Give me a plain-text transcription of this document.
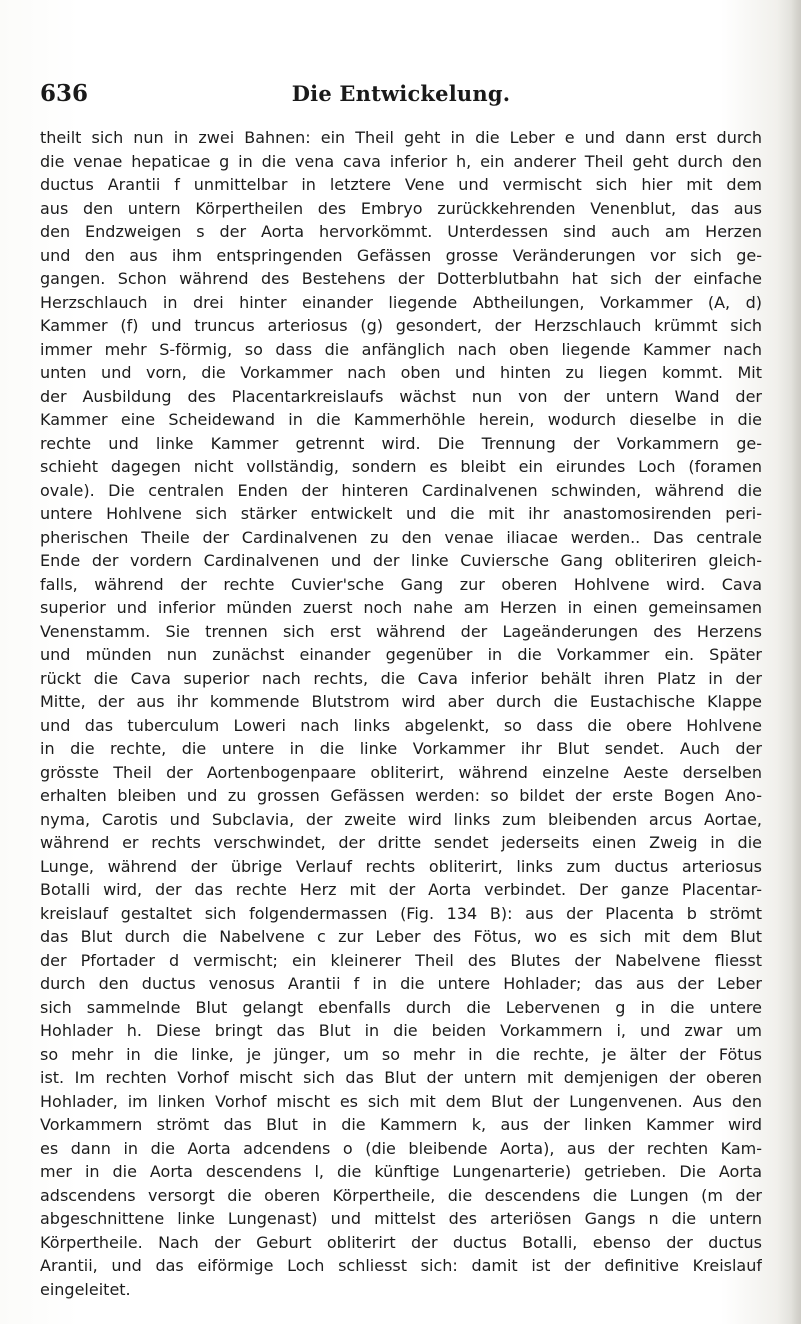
636	Die Entwickelung.
theilt sich nun in zwei Bahnen: ein Theil geht in die Leber e und dann erst durch
die venae hepaticae g in die vena cava inferior h, ein anderer Theil geht durch den
ductus Arantii f unmittelbar in letztere Vene und vermischt sich hier mit dem
aus den untern Körpertheilen des Embryo zurückkehrenden Venenblut, das aus
den Endzweigen s der Aorta hervorkömmt. Unterdessen sind auch am Herzen
und den aus ihm entspringenden Gefässen grosse Veränderungen vor sich ge-
gangen. Schon während des Bestehens der Dotterblutbahn hat sich der einfache
Herzschlauch in drei hinter einander liegende Abtheilungen, Vorkammer (A, d)
Kammer (f) und truncus arteriosus (g) gesondert, der Herzschlauch krümmt sich
immer mehr S-förmig, so dass die anfänglich nach oben liegende Kammer nach
unten und vorn, die Vorkammer nach oben und hinten zu liegen kommt. Mit
der Ausbildung des Placentarkreislaufs wächst nun von der untern Wand der
Kammer eine Scheidewand in die Kammerhöhle herein, wodurch dieselbe in die
rechte und linke Kammer getrennt wird. Die Trennung der Vorkammern ge-
schieht dagegen nicht vollständig, sondern es bleibt ein eirundes Loch (foramen
ovale). Die centralen Enden der hinteren Cardinalvenen schwinden, während die
untere Hohlvene sich stärker entwickelt und die mit ihr anastomosirenden peri-
pherischen Theile der Cardinalvenen zu den venae iliacae werden.. Das centrale
Ende der vordern Cardinalvenen und der linke Cuviersche Gang obliteriren gleich-
falls, während der rechte Cuvier'sche Gang zur oberen Hohlvene wird. Cava
superior und inferior münden zuerst noch nahe am Herzen in einen gemeinsamen
Venenstamm. Sie trennen sich erst während der Lageänderungen des Herzens
und münden nun zunächst einander gegenüber in die Vorkammer ein. Später
rückt die Cava superior nach rechts, die Cava inferior behält ihren Platz in der
Mitte, der aus ihr kommende Blutstrom wird aber durch die Eustachische Klappe
und das tuberculum Loweri nach links abgelenkt, so dass die obere Hohlvene
in die rechte, die untere in die linke Vorkammer ihr Blut sendet. Auch der
grösste Theil der Aortenbogenpaare obliterirt, während einzelne Aeste derselben
erhalten bleiben und zu grossen Gefässen werden: so bildet der erste Bogen Ano-
nyma, Carotis und Subclavia, der zweite wird links zum bleibenden arcus Aortae,
während er rechts verschwindet, der dritte sendet jederseits einen Zweig in die
Lunge, während der übrige Verlauf rechts obliterirt, links zum ductus arteriosus
Botalli wird, der das rechte Herz mit der Aorta verbindet. Der ganze Placentar-
kreislauf gestaltet sich folgendermassen (Fig. 134 B): aus der Placenta b strömt
das Blut durch die Nabelvene c zur Leber des Fötus, wo es sich mit dem Blut
der Pfortader d vermischt; ein kleinerer Theil des Blutes der Nabelvene fliesst
durch den ductus venosus Arantii f in die untere Hohlader; das aus der Leber
sich sammelnde Blut gelangt ebenfalls durch die Lebervenen g in die untere
Hohlader h. Diese bringt das Blut in die beiden Vorkammern i, und zwar um
so mehr in die linke, je jünger, um so mehr in die rechte, je älter der Fötus
ist. Im rechten Vorhof mischt sich das Blut der untern mit demjenigen der oberen
Hohlader, im linken Vorhof mischt es sich mit dem Blut der Lungenvenen. Aus den
Vorkammern strömt das Blut in die Kammern k, aus der linken Kammer wird
es dann in die Aorta adcendens o (die bleibende Aorta), aus der rechten Kam-
mer in die Aorta descendens l, die künftige Lungenarterie) getrieben. Die Aorta
adscendens versorgt die oberen Körpertheile, die descendens die Lungen (m der
abgeschnittene linke Lungenast) und mittelst des arteriösen Gangs n die untern
Körpertheile. Nach der Geburt obliterirt der ductus Botalli, ebenso der ductus
Arantii, und das eiförmige Loch schliesst sich: damit ist der definitive Kreislauf
eingeleitet.
